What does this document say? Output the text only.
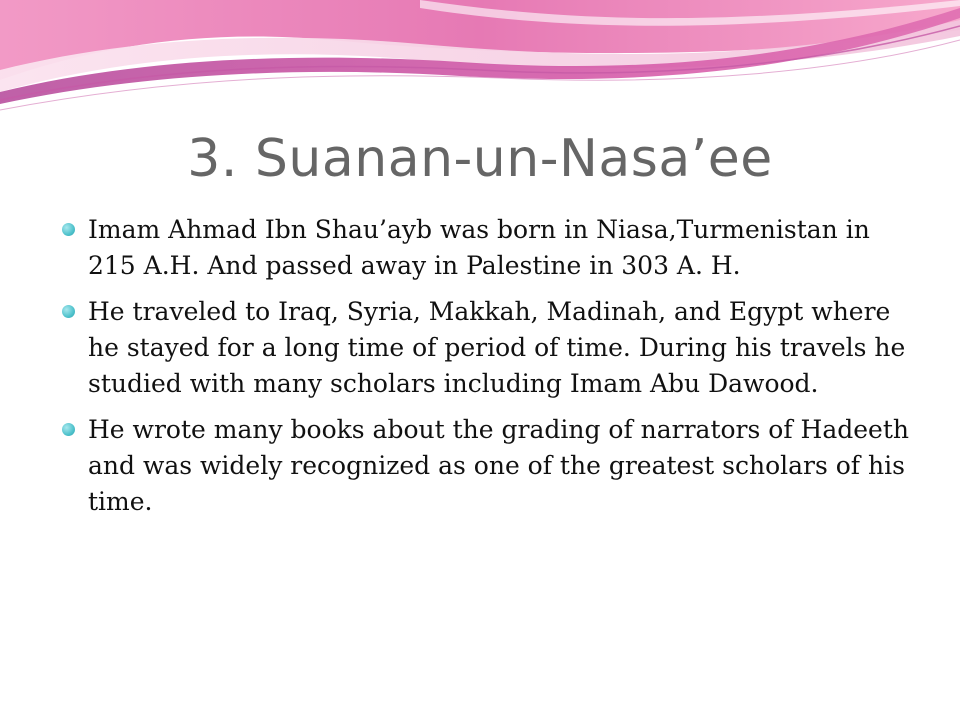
3. Suanan-un-Nasa’ee
Imam Ahmad Ibn Shau’ayb was born in Niasa,Turmenistan in 215 A.H. And passed away in Palestine in 303 A. H.
He traveled to Iraq, Syria, Makkah, Madinah, and Egypt where he stayed for a long time of period of time. During his travels he studied with many scholars including Imam Abu Dawood.
He wrote many books about the grading of narrators of Hadeeth and was widely recognized as one of the greatest scholars of his time.
